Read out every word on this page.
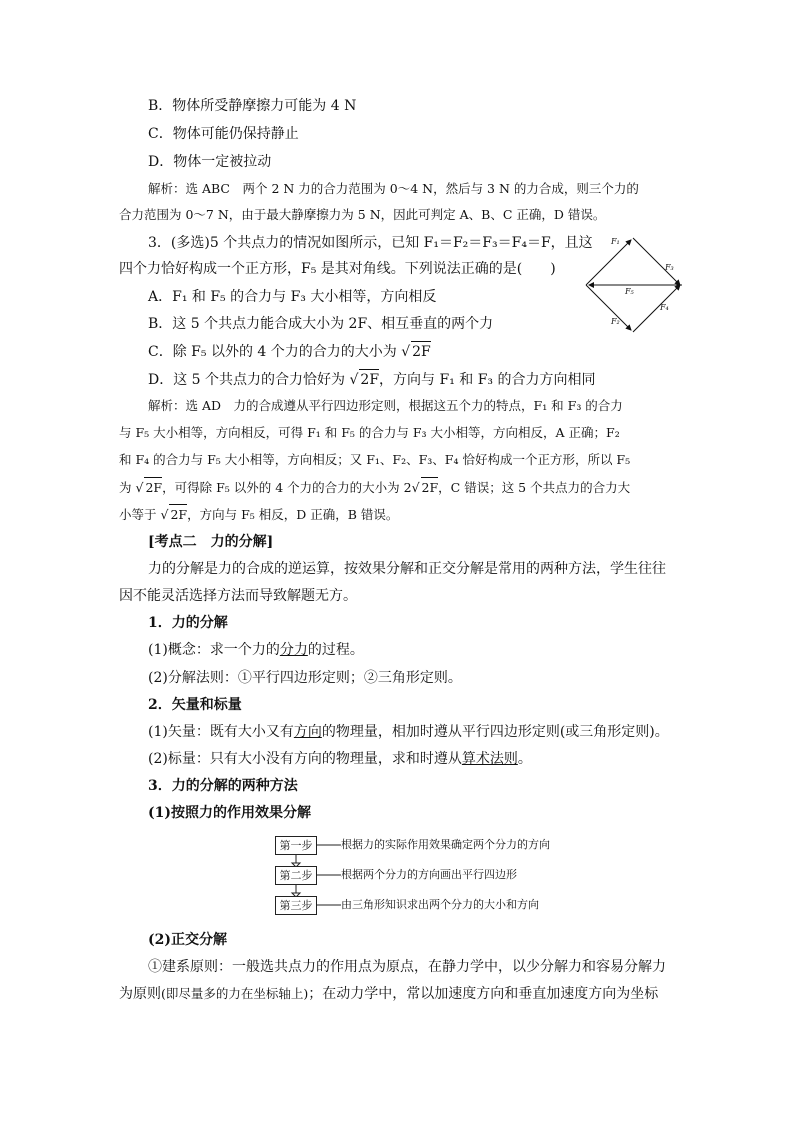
B．物体所受静摩擦力可能为 4 N
C．物体可能仍保持静止
D．物体一定被拉动
解析：选 ABC　两个 2 N 力的合力范围为 0～4 N，然后与 3 N 的力合成，则三个力的
合力范围为 0～7 N，由于最大静摩擦力为 5 N，因此可判定 A、B、C 正确，D 错误。
3．(多选)5 个共点力的情况如图所示，已知 F₁＝F₂＝F₃＝F₄＝F，且这
四个力恰好构成一个正方形，F₅ 是其对角线。下列说法正确的是(　　)
A．F₁ 和 F₅ 的合力与 F₃ 大小相等，方向相反
B．这 5 个共点力能合成大小为 2F、相互垂直的两个力
C．除 F₅ 以外的 4 个力的合力的大小为 √ 2F
D．这 5 个共点力的合力恰好为 √ 2F，方向与 F₁ 和 F₃ 的合力方向相同
F₁
F₂
F₃
F₄
F₅
解析：选 AD　力的合成遵从平行四边形定则，根据这五个力的特点，F₁ 和 F₃ 的合力
与 F₅ 大小相等，方向相反，可得 F₁ 和 F₅ 的合力与 F₃ 大小相等，方向相反，A 正确；F₂
和 F₄ 的合力与 F₅ 大小相等，方向相反；又 F₁、F₂、F₃、F₄ 恰好构成一个正方形，所以 F₅
为 √ 2F，可得除 F₅ 以外的 4 个力的合力的大小为 2√ 2F，C 错误；这 5 个共点力的合力大
小等于 √ 2F，方向与 F₅ 相反，D 正确，B 错误。
[考点二　力的分解]
力的分解是力的合成的逆运算，按效果分解和正交分解是常用的两种方法，学生往往
因不能灵活选择方法而导致解题无方。
1．力的分解
(1)概念：求一个力的分力的过程。
(2)分解法则：①平行四边形定则；②三角形定则。
2．矢量和标量
(1)矢量：既有大小又有方向的物理量，相加时遵从平行四边形定则(或三角形定则)。
(2)标量：只有大小没有方向的物理量，求和时遵从算术法则。
3．力的分解的两种方法
(1)按照力的作用效果分解
第一步	根据力的实际作用效果确定两个分力的方向
第二步	根据两个分力的方向画出平行四边形
第三步	由三角形知识求出两个分力的大小和方向
(2)正交分解
①建系原则：一般选共点力的作用点为原点，在静力学中，以少分解力和容易分解力
为原则(即尽量多的力在坐标轴上)；在动力学中，常以加速度方向和垂直加速度方向为坐标
